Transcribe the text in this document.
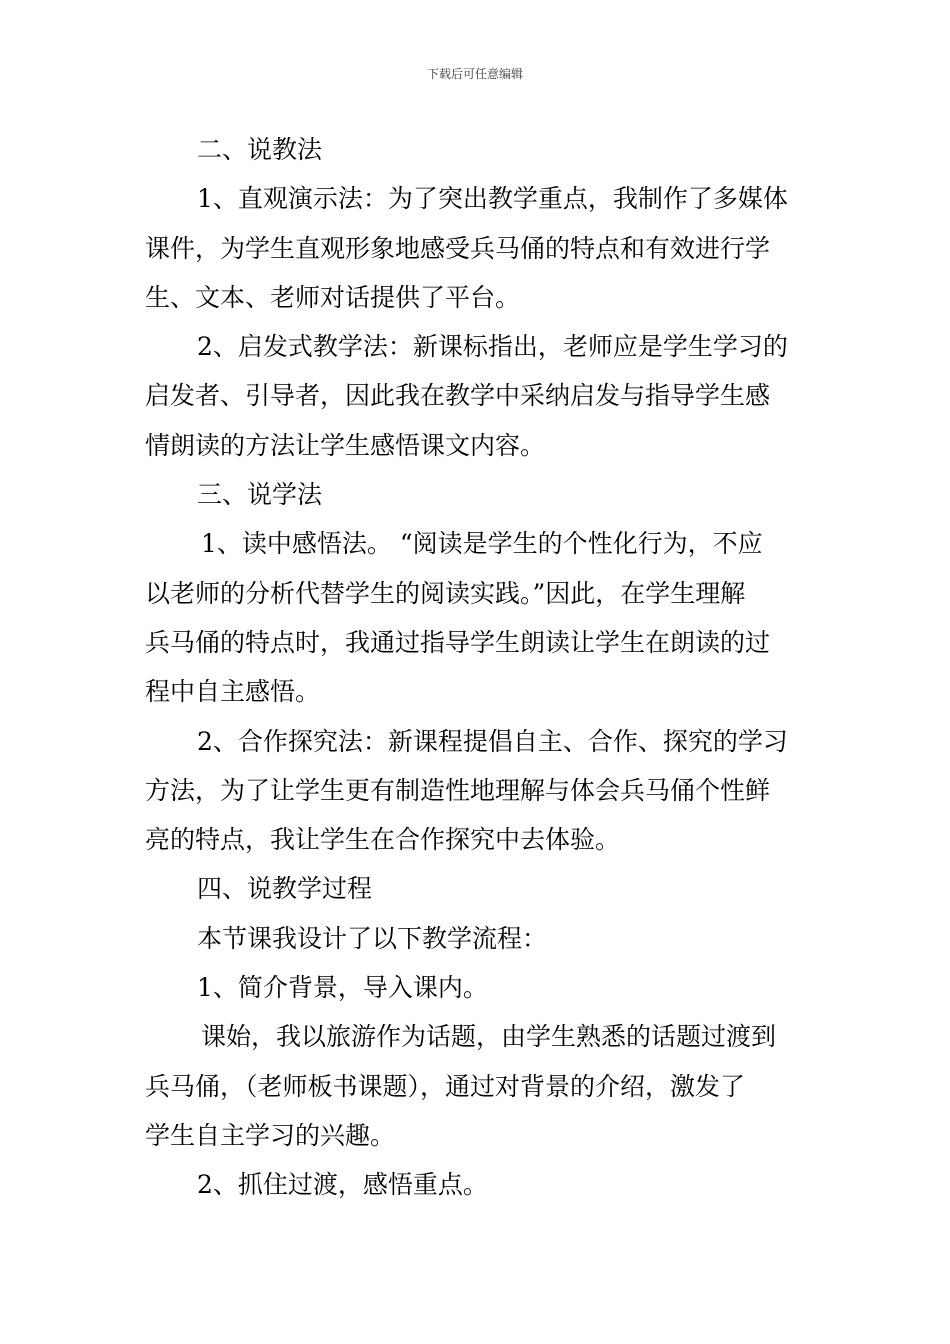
下载后可任意编辑
二、说教法
1、直观演示法：为了突出教学重点，我制作了多媒体
课件，为学生直观形象地感受兵马俑的特点和有效进行学
生、文本、老师对话提供了平台。
2、启发式教学法：新课标指出，老师应是学生学习的
启发者、引导者，因此我在教学中采纳启发与指导学生感
情朗读的方法让学生感悟课文内容。
三、说学法
1、读中感悟法。 “阅读是学生的个性化行为，不应
以老师的分析代替学生的阅读实践。”因此，在学生理解
兵马俑的特点时，我通过指导学生朗读让学生在朗读的过
程中自主感悟。
2、合作探究法：新课程提倡自主、合作、探究的学习
方法，为了让学生更有制造性地理解与体会兵马俑个性鲜
亮的特点，我让学生在合作探究中去体验。
四、说教学过程
本节课我设计了以下教学流程：
1、简介背景，导入课内。
课始，我以旅游作为话题，由学生熟悉的话题过渡到
兵马俑，（老师板书课题），通过对背景的介绍，激发了
学生自主学习的兴趣。
2、抓住过渡，感悟重点。
